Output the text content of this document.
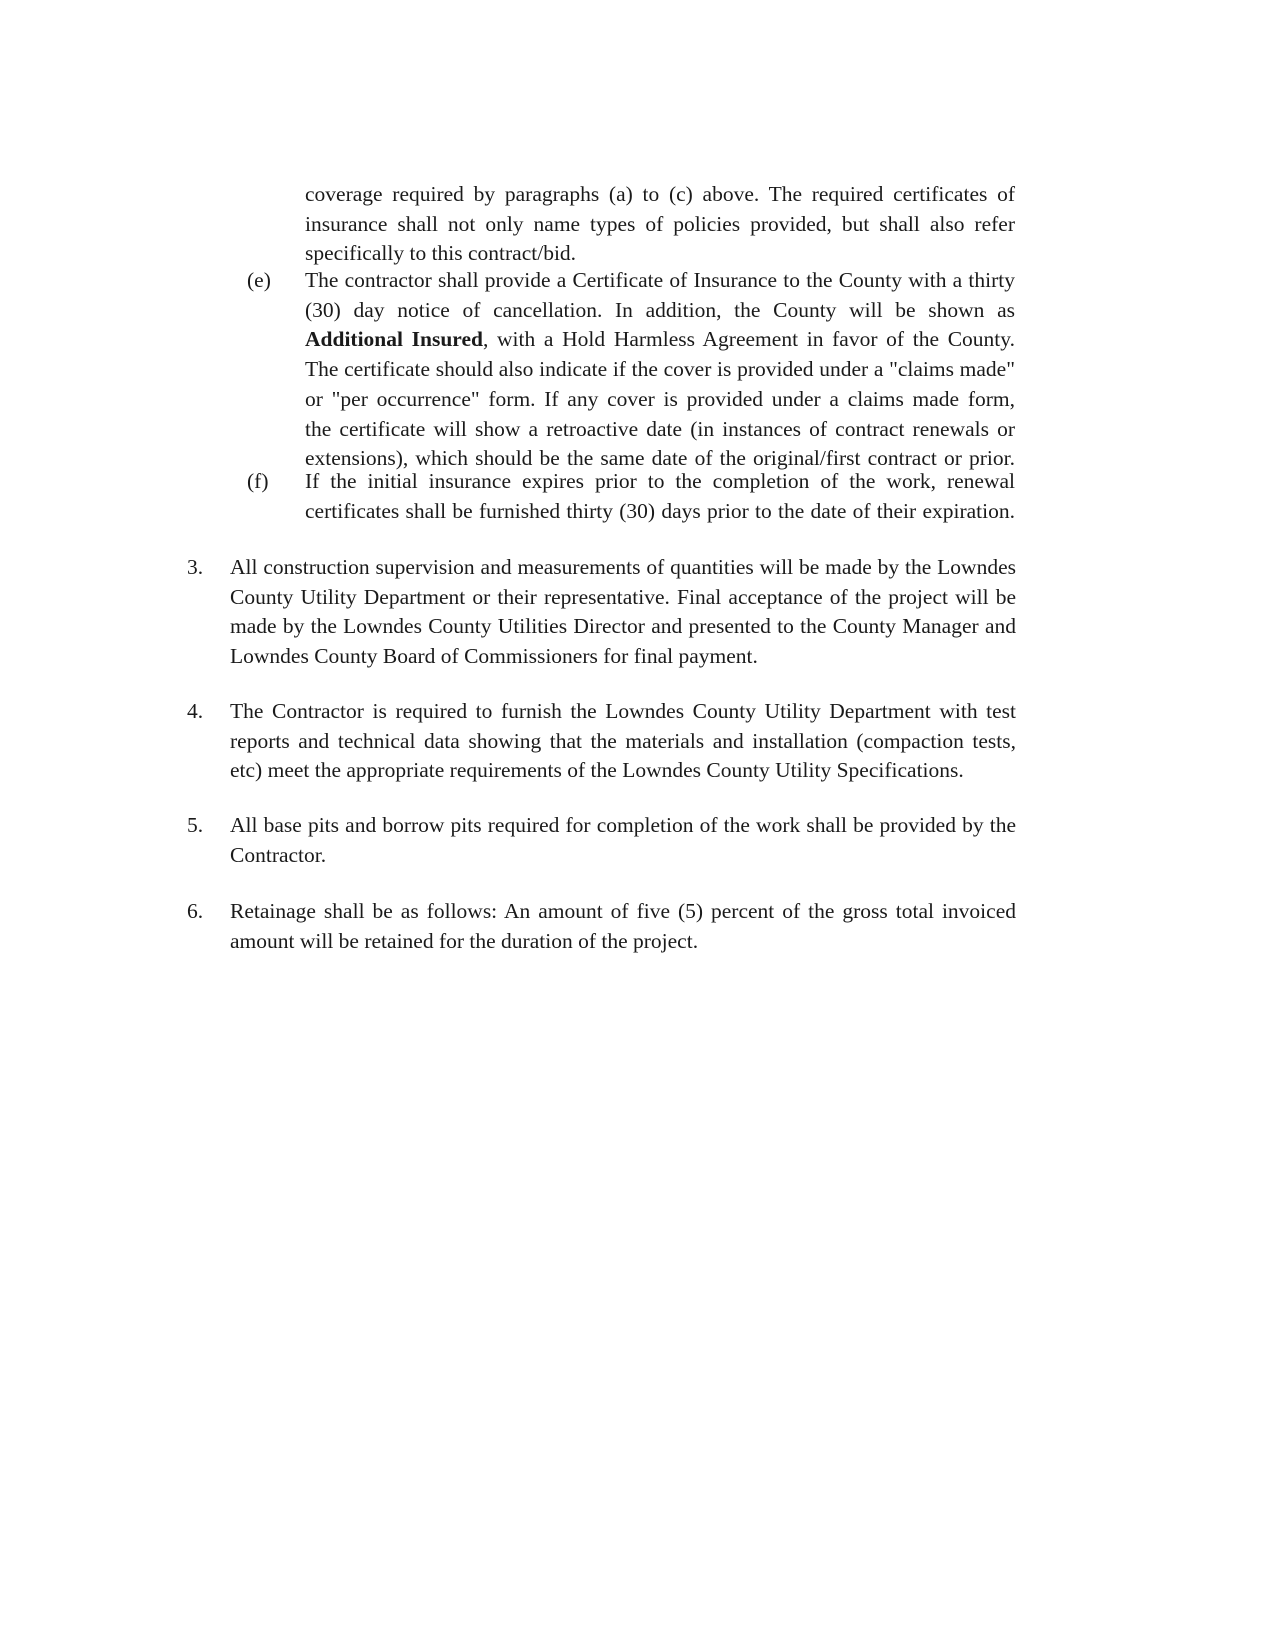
coverage required by paragraphs (a) to (c) above. The required certificates of
insurance shall not only name types of policies provided, but shall also refer
specifically to this contract/bid.
(e) The contractor shall provide a Certificate of Insurance to the County with a thirty
(30) day notice of cancellation. In addition, the County will be shown as
Additional Insured, with a Hold Harmless Agreement in favor of the County.
The certificate should also indicate if the cover is provided under a "claims made"
or "per occurrence" form. If any cover is provided under a claims made form,
the certificate will show a retroactive date (in instances of contract renewals or
extensions), which should be the same date of the original/first contract or prior.
(f) If the initial insurance expires prior to the completion of the work, renewal
certificates shall be furnished thirty (30) days prior to the date of their expiration.
3. All construction supervision and measurements of quantities will be made by the Lowndes
County Utility Department or their representative. Final acceptance of the project will be
made by the Lowndes County Utilities Director and presented to the County Manager and
Lowndes County Board of Commissioners for final payment.
4. The Contractor is required to furnish the Lowndes County Utility Department with test
reports and technical data showing that the materials and installation (compaction tests,
etc) meet the appropriate requirements of the Lowndes County Utility Specifications.
5. All base pits and borrow pits required for completion of the work shall be provided by the
Contractor.
6. Retainage shall be as follows: An amount of five (5) percent of the gross total invoiced
amount will be retained for the duration of the project.
